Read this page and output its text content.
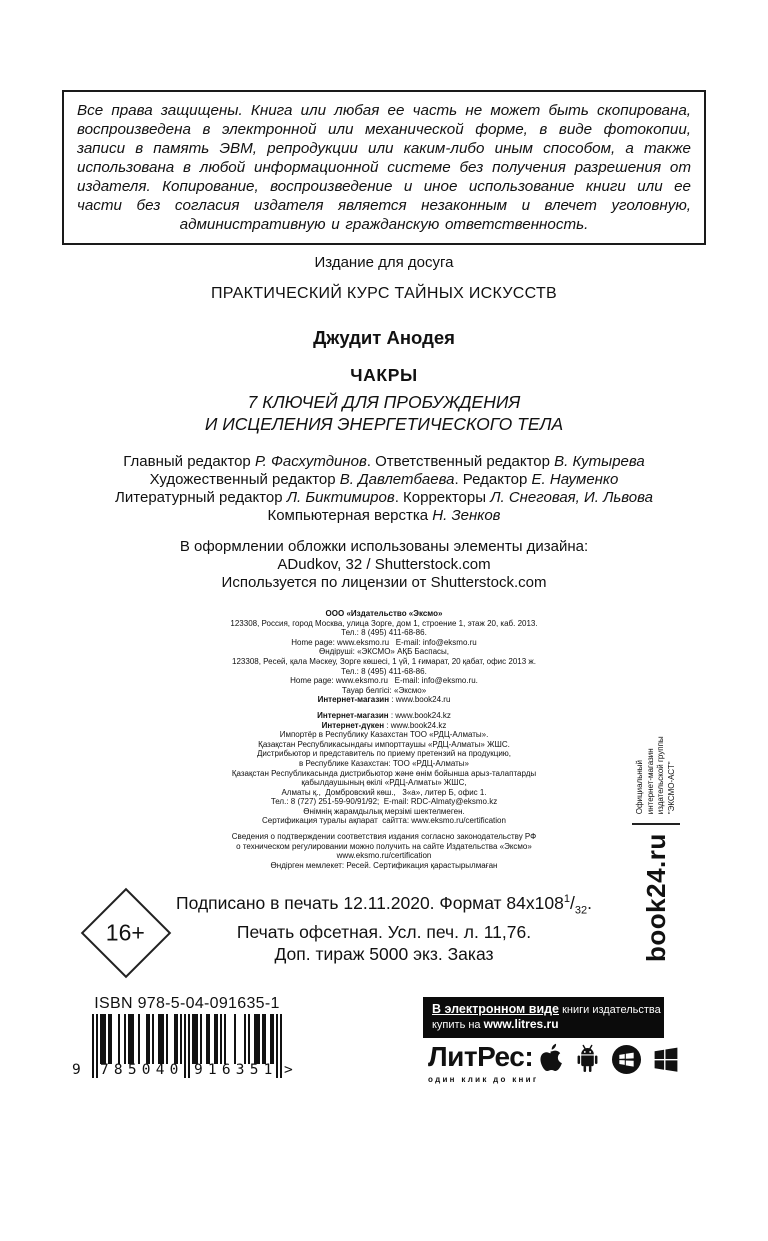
Все права защищены. Книга или любая ее часть не может быть скопирована, воспроизведена в электронной или механической форме, в виде фотокопии, записи в память ЭВМ, репродукции или каким-либо иным способом, а также использована в любой информационной системе без получения разрешения от издателя. Копирование, воспроизведение и иное использование книги или ее части без согласия издателя является незаконным и влечет уголовную, административную и гражданскую ответственность.
Издание для досуга
ПРАКТИЧЕСКИЙ КУРС ТАЙНЫХ ИСКУССТВ
Джудит Анодея
ЧАКРЫ
7 КЛЮЧЕЙ ДЛЯ ПРОБУЖДЕНИЯ
И ИСЦЕЛЕНИЯ ЭНЕРГЕТИЧЕСКОГО ТЕЛА
Главный редактор Р. Фасхутдинов. Ответственный редактор В. Кутырева
Художественный редактор В. Давлетбаева. Редактор Е. Науменко
Литературный редактор Л. Биктимиров. Корректоры Л. Снеговая, И. Львова
Компьютерная верстка Н. Зенков
В оформлении обложки использованы элементы дизайна:
ADudkov, 32 / Shutterstock.com
Используется по лицензии от Shutterstock.com
ООО «Издательство «Эксмо»
123308, Россия, город Москва, улица Зорге, дом 1, строение 1, этаж 20, каб. 2013.
Тел.: 8 (495) 411-68-86.
Home page: www.eksmo.ru   E-mail: info@eksmo.ru
Өндіруші: «ЭКСМО» АҚБ Баспасы,
123308, Ресей, қала Мәскеу, Зорге көшесі, 1 үй, 1 ғимарат, 20 қабат, офис 2013 ж.
Тел.: 8 (495) 411-68-86.
Home page: www.eksmo.ru   E-mail: info@eksmo.ru.
Тауар белгісі: «Эксмо»
Интернет-магазин : www.book24.ru
Интернет-магазин : www.book24.kz
Интернет-дүкен : www.book24.kz
Импортёр в Республику Казахстан ТОО «РДЦ-Алматы».
Қазақстан Республикасындағы импорттаушы «РДЦ-Алматы» ЖШС.
Дистрибьютор и представитель по приему претензий на продукцию,
в Республике Казахстан: ТОО «РДЦ-Алматы»
Қазақстан Республикасында дистрибьютор және өнім бойынша арыз-талаптарды
қабылдаушының өкілі «РДЦ-Алматы» ЖШС,
Алматы қ.,  Домбровский көш.,   3«а», литер Б, офис 1.
Тел.: 8 (727) 251-59-90/91/92;  E-mail: RDC-Almaty@eksmo.kz
Өнімнің жарамдылық мерзімі шектелмеген.
Сертификация туралы ақпарат  сайтта: www.eksmo.ru/certification
Сведения о подтверждении соответствия издания согласно законодательству РФ
о техническом регулировании можно получить на сайте Издательства «Эксмо»
www.eksmo.ru/certification
Өндірген мемлекет: Ресей. Сертификация қарастырылмаған
Подписано в печать 12.11.2020. Формат $84х108^1/_{32}$.
Печать офсетная. Усл. печ. л. 11,76.
Доп. тираж 5000 экз. Заказ	book24.ru
Официальный интернет-магазин издательской группы "ЭКСМО-АСТ"
16+
ISBN 978-5-04-091635-1
9 785040 916351 >
В электронном виде книги издательства вы можете
купить на www.litres.ru
ЛитРес:
один клик до книг
